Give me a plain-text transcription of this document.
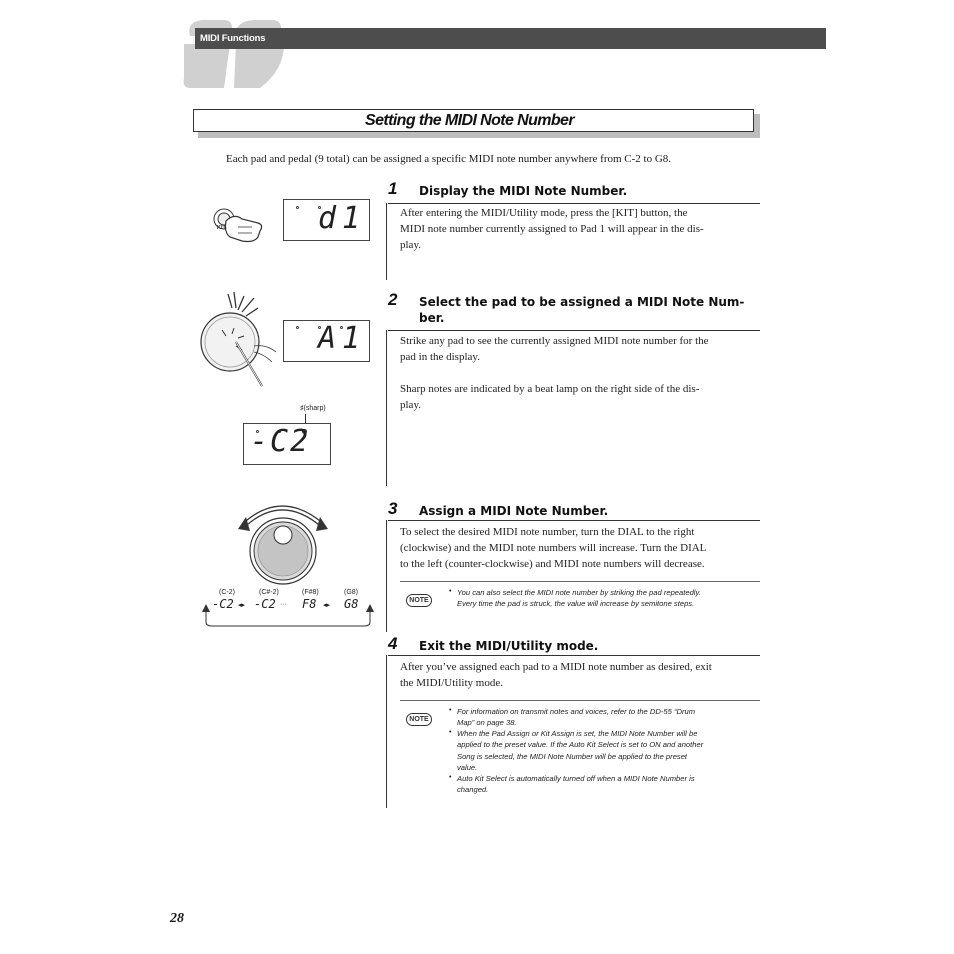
MIDI Functions
Setting the MIDI Note Number
Each pad and pedal (9 total) can be assigned a specific MIDI note number anywhere from C-2 to G8.
1 Display the MIDI Note Number.
After entering the MIDI/Utility mode, press the [KIT] button, the
MIDI note number currently assigned to Pad 1 will appear in the dis-
play.
KIT	d1
2 Select the pad to be assigned a MIDI Note Num-
ber.
Strike any pad to see the currently assigned MIDI note number for the
pad in the display.
Sharp notes are indicated by a beat lamp on the right side of the dis-
play.
A1
♯(sharp)
-C2
3 Assign a MIDI Note Number.
To select the desired MIDI note number, turn the DIAL to the right
(clockwise) and the MIDI note numbers will increase. Turn the DIAL
to the left (counter-clockwise) and MIDI note numbers will decrease.
NOTE
• You can also select the MIDI note number by striking the pad repeatedly.
Every time the pad is struck, the value will increase by semitone steps.
(C-2)	(C#-2)	(F#8)	(G8)
-C2 ◂▸ -C2 ··· F8 ◂▸ G8
4 Exit the MIDI/Utility mode.
After you’ve assigned each pad to a MIDI note number as desired, exit
the MIDI/Utility mode.
NOTE
• For information on transmit notes and voices, refer to the DD-55 “Drum
Map” on page 38.
• When the Pad Assign or Kit Assign is set, the MIDI Note Number will be
applied to the preset value. If the Auto Kit Select is set to ON and another
Song is selected, the MIDI Note Number will be applied to the preset
value.
• Auto Kit Select is automatically turned off when a MIDI Note Number is
changed.
28
